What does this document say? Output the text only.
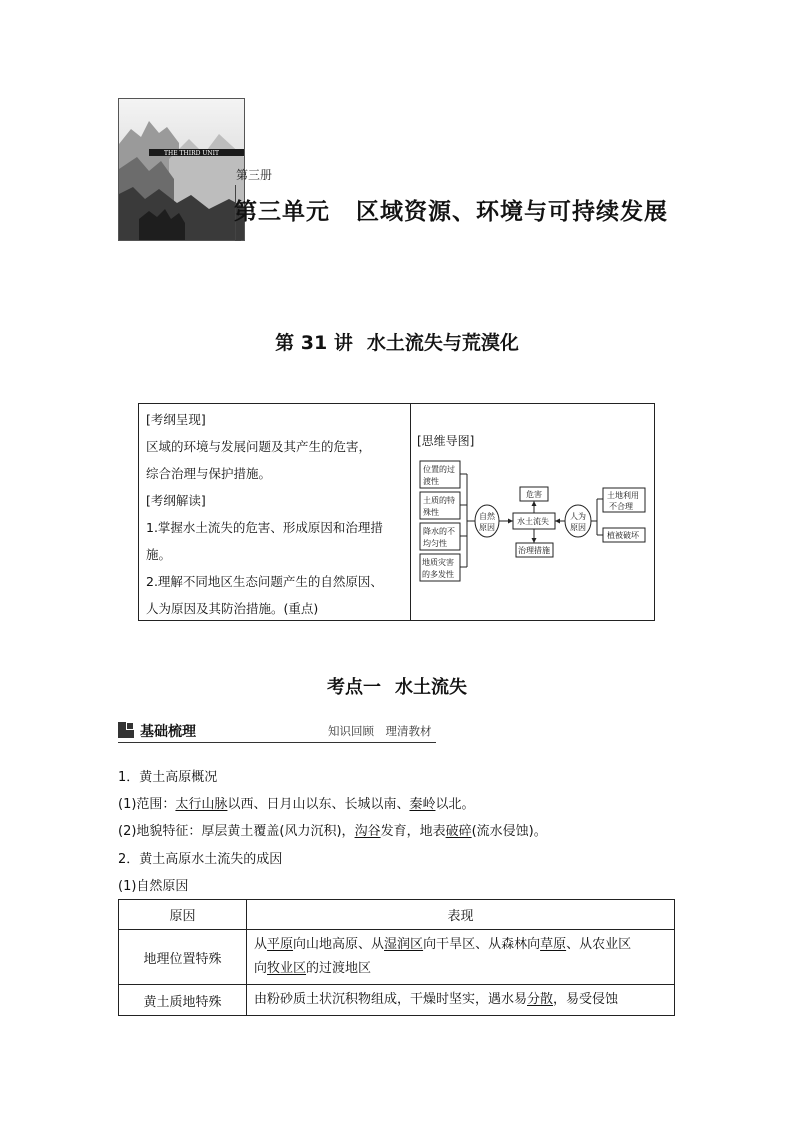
THE THIRD UNIT
第三册
第三单元 区域资源、环境与可持续发展
第 31 讲 水土流失与荒漠化
[考纲呈现]
区域的环境与发展问题及其产生的危害，
综合治理与保护措施。
[考纲解读]
1.掌握水土流失的危害、形成原因和治理措
施。
2.理解不同地区生态问题产生的自然原因、
人为原因及其防治措施。(重点)
[思维导图]
位置的过
渡性
土质的特
殊性
降水的不
均匀性
地质灾害
的多发性
自然
原因
水土流失
危害
治理措施
人为
原因
土地利用
不合理
植被破坏
考点一 水土流失
基础梳理	知识回顾　理清教材
1．黄土高原概况
(1)范围：太行山脉以西、日月山以东、长城以南、秦岭以北。
(2)地貌特征：厚层黄土覆盖(风力沉积)，沟谷发育，地表破碎(流水侵蚀)。
2．黄土高原水土流失的成因
(1)自然原因
原因	表现
地理位置特殊	从平原向山地高原、从湿润区向干旱区、从森林向草原、从农业区
向牧业区的过渡地区
黄土质地特殊	由粉砂质土状沉积物组成，干燥时坚实，遇水易分散，易受侵蚀
